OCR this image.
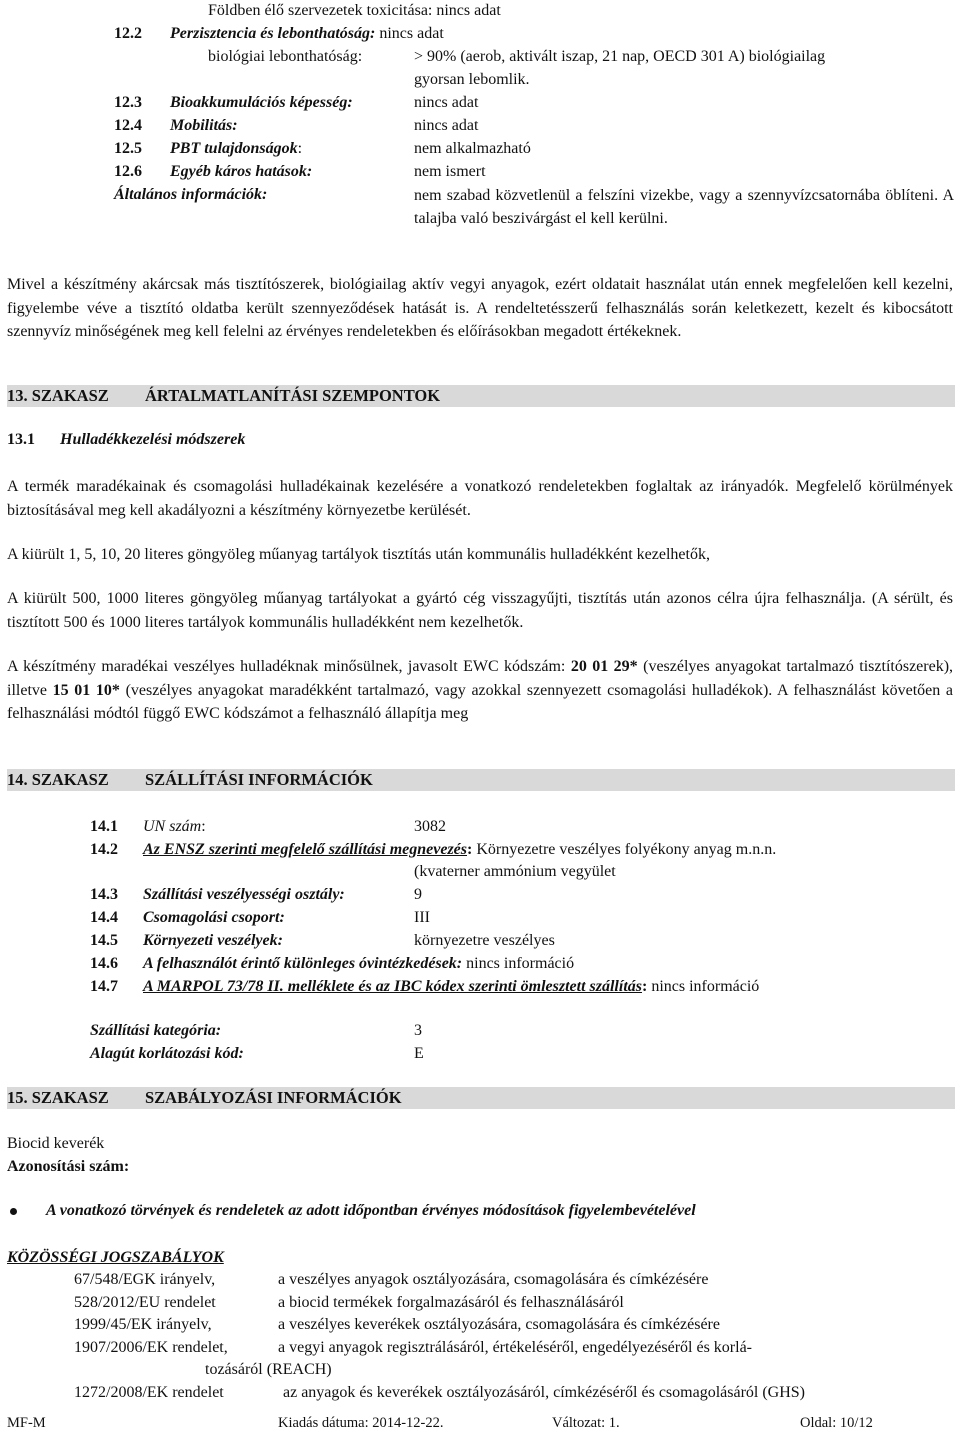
Földben élő szervezetek toxicitása: nincs adat
12.2 Perzisztencia és lebonthatóság: nincs adat
biológiai lebonthatóság:	> 90% (aerob, aktivált iszap, 21 nap, OECD 301 A) biológiailag
gyorsan lebomlik.
12.3 Bioakkumulációs képesség:	nincs adat
12.4 Mobilitás:	nincs adat
12.5 PBT tulajdonságok:	nem alkalmazható
12.6 Egyéb káros hatások:	nem ismert
Általános információk:	nem szabad közvetlenül a felszíni vizekbe, vagy a szennyvízcsatornába öblíteni. A talajba való beszivárgást el kell kerülni.
Mivel a készítmény akárcsak más tisztítószerek, biológiailag aktív vegyi anyagok, ezért oldatait használat után ennek megfelelően kell kezelni, figyelembe véve a tisztító oldatba került szennyeződések hatását is. A rendeltetésszerű felhasználás során keletkezett, kezelt és kibocsátott szennyvíz minőségének meg kell felelni az érvényes rendeletekben és előírásokban megadott értékeknek.
13. SZAKASZ ÁRTALMATLANÍTÁSI SZEMPONTOK
13.1 Hulladékkezelési módszerek
A termék maradékainak és csomagolási hulladékainak kezelésére a vonatkozó rendeletekben foglaltak az irányadók. Megfelelő körülmények biztosításával meg kell akadályozni a készítmény környezetbe kerülését.
A kiürült 1, 5, 10, 20 literes göngyöleg műanyag tartályok tisztítás után kommunális hulladékként kezelhetők,
A kiürült 500, 1000 literes göngyöleg műanyag tartályokat a gyártó cég visszagyűjti, tisztítás után azonos célra újra felhasználja. (A sérült, és tisztított 500 és 1000 literes tartályok kommunális hulladékként nem kezelhetők.
A készítmény maradékai veszélyes hulladéknak minősülnek, javasolt EWC kódszám: 20 01 29* (veszélyes anyagokat tartalmazó tisztítószerek), illetve 15 01 10* (veszélyes anyagokat maradékként tartalmazó, vagy azokkal szennyezett csomagolási hulladékok). A felhasználást követően a felhasználási módtól függő EWC kódszámot a felhasználó állapítja meg
14. SZAKASZ SZÁLLÍTÁSI INFORMÁCIÓK
14.1 UN szám:	3082
14.2 Az ENSZ szerinti megfelelő szállítási megnevezés: Környezetre veszélyes folyékony anyag m.n.n.
(kvaterner ammónium vegyület
14.3 Szállítási veszélyességi osztály:	9
14.4 Csomagolási csoport:	III
14.5 Környezeti veszélyek:	környezetre veszélyes
14.6 A felhasználót érintő különleges óvintézkedések: nincs információ
14.7 A MARPOL 73/78 II. melléklete és az IBC kódex szerinti ömlesztett szállítás: nincs információ
Szállítási kategória:	3
Alagút korlátozási kód:	E
15. SZAKASZ SZABÁLYOZÁSI INFORMÁCIÓK
Biocid keverék
Azonosítási szám:
A vonatkozó törvények és rendeletek az adott időpontban érvényes módosítások figyelembevételével
KÖZÖSSÉGI JOGSZABÁLYOK
67/548/EGK irányelv,	a veszélyes anyagok osztályozására, csomagolására és címkézésére
528/2012/EU rendelet	a biocid termékek forgalmazásáról és felhasználásáról
1999/45/EK irányelv,	a veszélyes keverékek osztályozására, csomagolására és címkézésére
1907/2006/EK rendelet,	a vegyi anyagok regisztrálásáról, értékeléséről, engedélyezéséről és korlá-
tozásáról (REACH)
1272/2008/EK rendelet	az anyagok és keverékek osztályozásáról, címkézéséről és csomagolásáról (GHS)
MF-M	Kiadás dátuma: 2014-12-22.	Változat: 1.	Oldal: 10/12
